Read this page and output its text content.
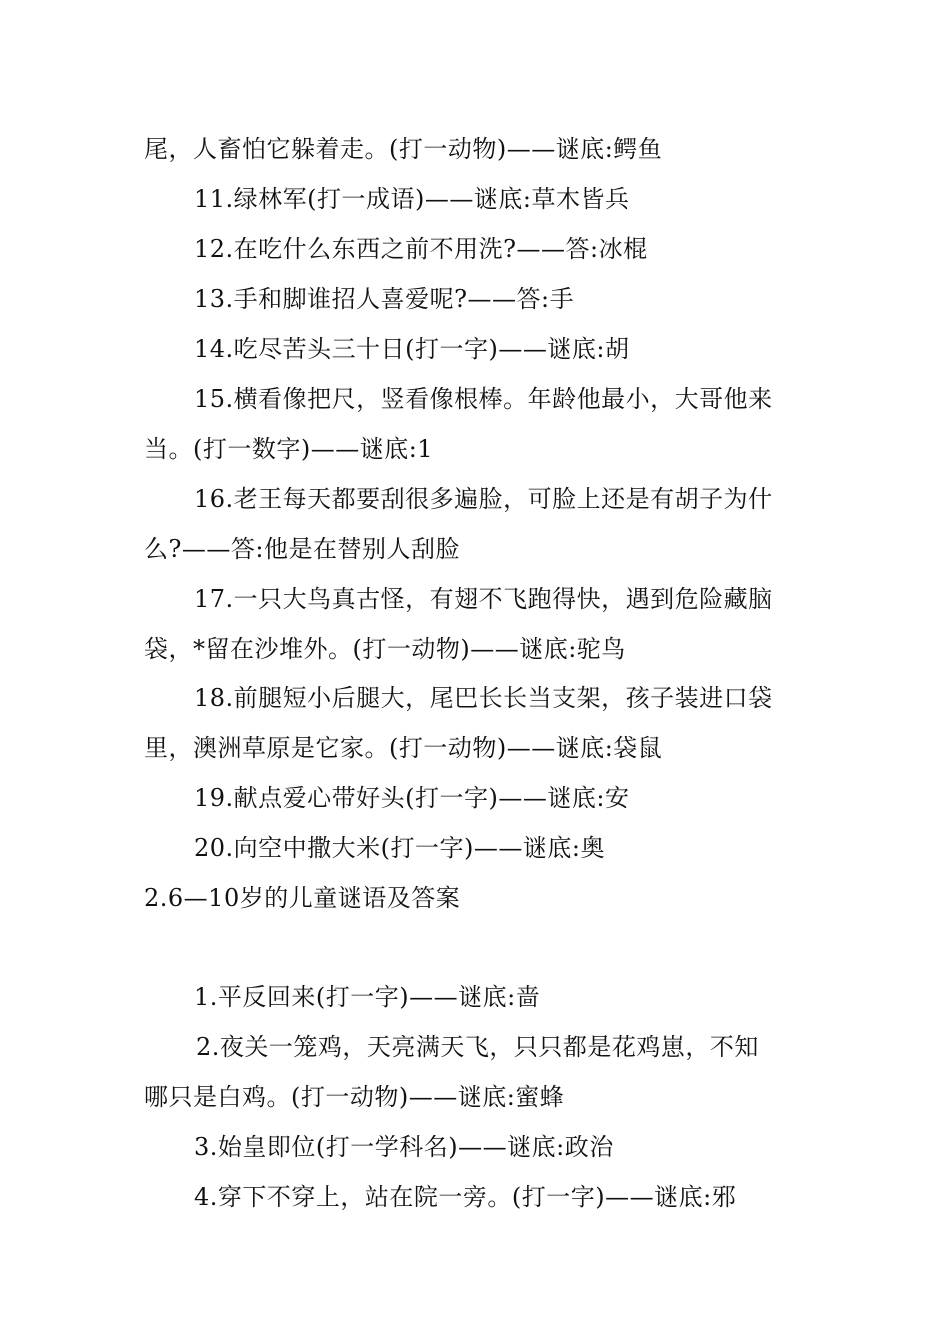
尾，人畜怕它躲着走。(打一动物)——谜底:鳄鱼
11.绿林军(打一成语)——谜底:草木皆兵
12.在吃什么东西之前不用洗?——答:冰棍
13.手和脚谁招人喜爱呢?——答:手
14.吃尽苦头三十日(打一字)——谜底:胡
15.横看像把尺，竖看像根棒。年龄他最小，大哥他来
当。(打一数字)——谜底:1
16.老王每天都要刮很多遍脸，可脸上还是有胡子为什
么?——答:他是在替别人刮脸
17.一只大鸟真古怪，有翅不飞跑得快，遇到危险藏脑
袋，*留在沙堆外。(打一动物)——谜底:驼鸟
18.前腿短小后腿大，尾巴长长当支架，孩子装进口袋
里，澳洲草原是它家。(打一动物)——谜底:袋鼠
19.献点爱心带好头(打一字)——谜底:安
20.向空中撒大米(打一字)——谜底:奥
2.6—10岁的儿童谜语及答案
1.平反回来(打一字)——谜底:啬
2.夜关一笼鸡，天亮满天飞，只只都是花鸡崽，不知
哪只是白鸡。(打一动物)——谜底:蜜蜂
3.始皇即位(打一学科名)——谜底:政治
4.穿下不穿上，站在院一旁。(打一字)——谜底:邪
